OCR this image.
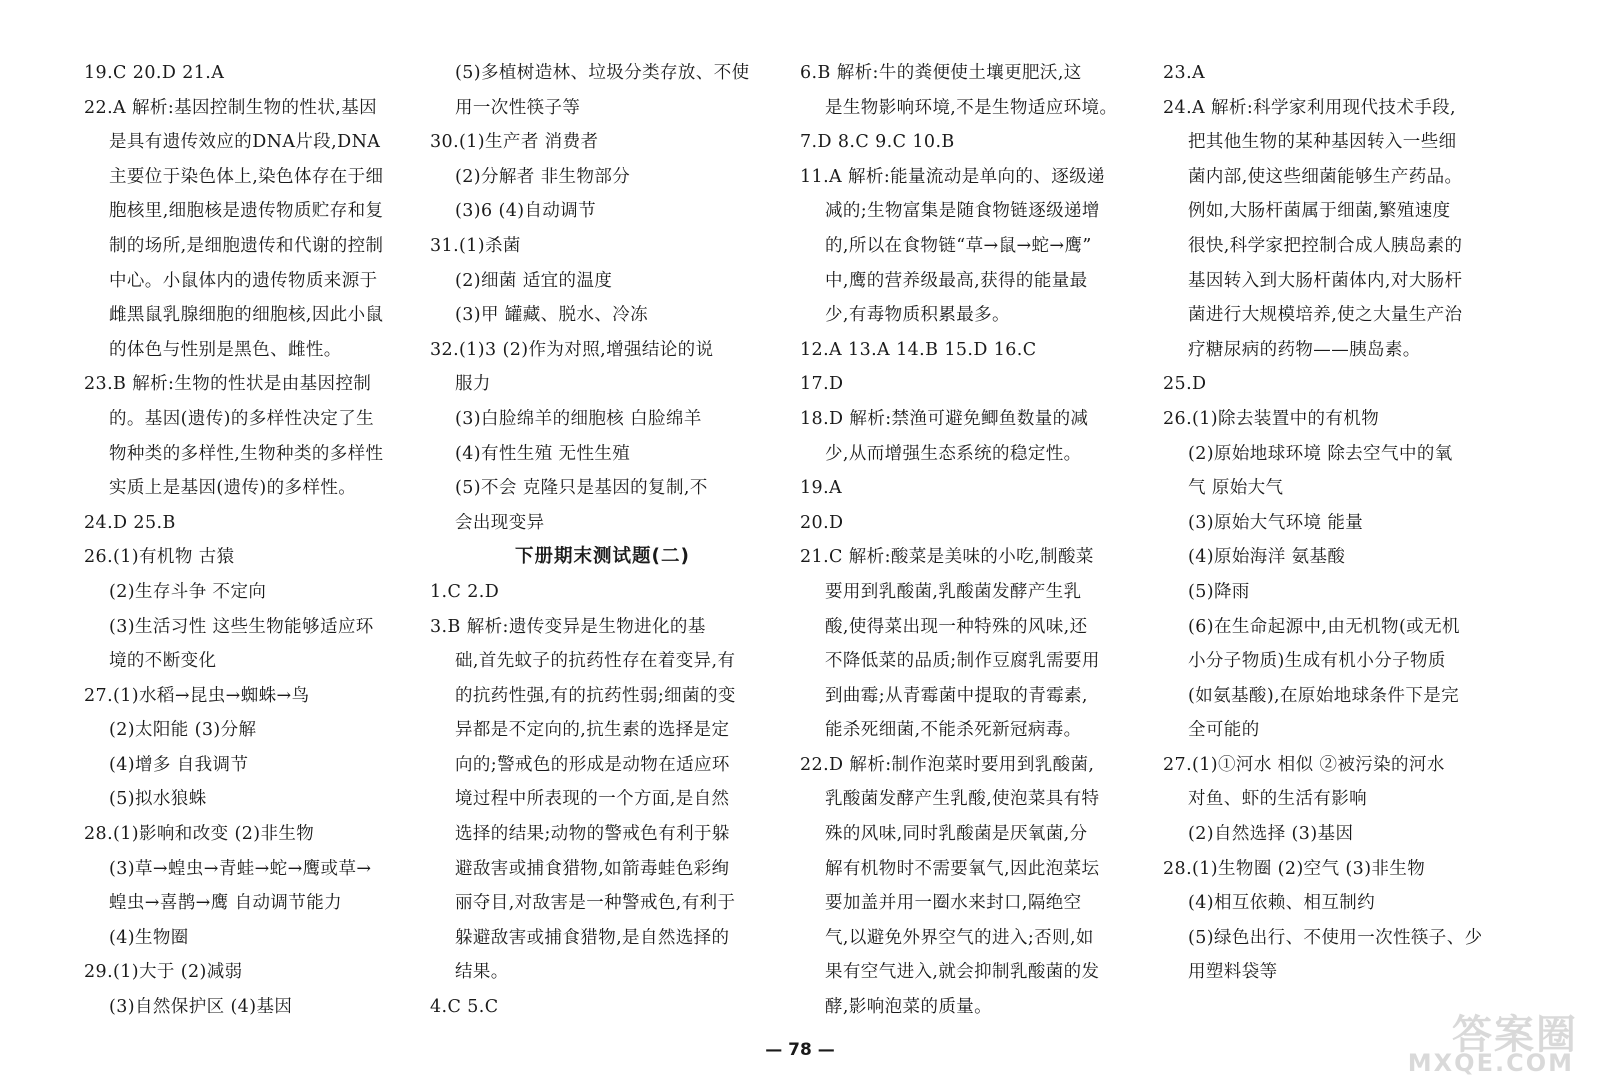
19.C 20.D 21.A
22.A 解析:基因控制生物的性状,基因
是具有遗传效应的DNA片段,DNA
主要位于染色体上,染色体存在于细
胞核里,细胞核是遗传物质贮存和复
制的场所,是细胞遗传和代谢的控制
中心。小鼠体内的遗传物质来源于
雌黑鼠乳腺细胞的细胞核,因此小鼠
的体色与性别是黑色、雌性。
23.B 解析:生物的性状是由基因控制
的。基因(遗传)的多样性决定了生
物种类的多样性,生物种类的多样性
实质上是基因(遗传)的多样性。
24.D 25.B
26.(1)有机物 古猿
(2)生存斗争 不定向
(3)生活习性 这些生物能够适应环
境的不断变化
27.(1)水稻→昆虫→蜘蛛→鸟
(2)太阳能 (3)分解
(4)增多 自我调节
(5)拟水狼蛛
28.(1)影响和改变 (2)非生物
(3)草→蝗虫→青蛙→蛇→鹰或草→
蝗虫→喜鹊→鹰 自动调节能力
(4)生物圈
29.(1)大于 (2)减弱
(3)自然保护区 (4)基因
(5)多植树造林、垃圾分类存放、不使
用一次性筷子等
30.(1)生产者 消费者
(2)分解者 非生物部分
(3)6 (4)自动调节
31.(1)杀菌
(2)细菌 适宜的温度
(3)甲 罐藏、脱水、冷冻
32.(1)3 (2)作为对照,增强结论的说
服力
(3)白脸绵羊的细胞核 白脸绵羊
(4)有性生殖 无性生殖
(5)不会 克隆只是基因的复制,不
会出现变异
下册期末测试题(二)
1.C 2.D
3.B 解析:遗传变异是生物进化的基
础,首先蚊子的抗药性存在着变异,有
的抗药性强,有的抗药性弱;细菌的变
异都是不定向的,抗生素的选择是定
向的;警戒色的形成是动物在适应环
境过程中所表现的一个方面,是自然
选择的结果;动物的警戒色有利于躲
避敌害或捕食猎物,如箭毒蛙色彩绚
丽夺目,对敌害是一种警戒色,有利于
躲避敌害或捕食猎物,是自然选择的
结果。
4.C 5.C
6.B 解析:牛的粪便使土壤更肥沃,这
是生物影响环境,不是生物适应环境。
7.D 8.C 9.C 10.B
11.A 解析:能量流动是单向的、逐级递
减的;生物富集是随食物链逐级递增
的,所以在食物链“草→鼠→蛇→鹰”
中,鹰的营养级最高,获得的能量最
少,有毒物质积累最多。
12.A 13.A 14.B 15.D 16.C
17.D
18.D 解析:禁渔可避免鲫鱼数量的减
少,从而增强生态系统的稳定性。
19.A
20.D
21.C 解析:酸菜是美味的小吃,制酸菜
要用到乳酸菌,乳酸菌发酵产生乳
酸,使得菜出现一种特殊的风味,还
不降低菜的品质;制作豆腐乳需要用
到曲霉;从青霉菌中提取的青霉素,
能杀死细菌,不能杀死新冠病毒。
22.D 解析:制作泡菜时要用到乳酸菌,
乳酸菌发酵产生乳酸,使泡菜具有特
殊的风味,同时乳酸菌是厌氧菌,分
解有机物时不需要氧气,因此泡菜坛
要加盖并用一圈水来封口,隔绝空
气,以避免外界空气的进入;否则,如
果有空气进入,就会抑制乳酸菌的发
酵,影响泡菜的质量。
23.A
24.A 解析:科学家利用现代技术手段,
把其他生物的某种基因转入一些细
菌内部,使这些细菌能够生产药品。
例如,大肠杆菌属于细菌,繁殖速度
很快,科学家把控制合成人胰岛素的
基因转入到大肠杆菌体内,对大肠杆
菌进行大规模培养,使之大量生产治
疗糖尿病的药物——胰岛素。
25.D
26.(1)除去装置中的有机物
(2)原始地球环境 除去空气中的氧
气 原始大气
(3)原始大气环境 能量
(4)原始海洋 氨基酸
(5)降雨
(6)在生命起源中,由无机物(或无机
小分子物质)生成有机小分子物质
(如氨基酸),在原始地球条件下是完
全可能的
27.(1)①河水 相似 ②被污染的河水
对鱼、虾的生活有影响
(2)自然选择 (3)基因
28.(1)生物圈 (2)空气 (3)非生物
(4)相互依赖、相互制约
(5)绿色出行、不使用一次性筷子、少
用塑料袋等
— 78 —	答案圈
MXQE.COM
